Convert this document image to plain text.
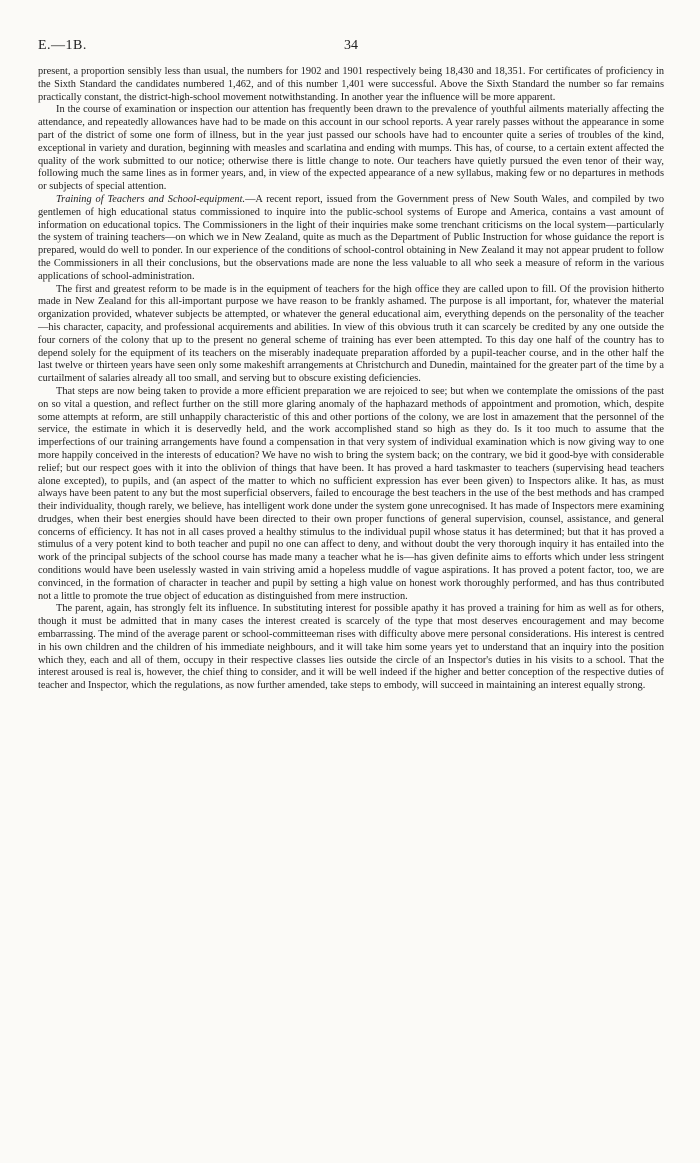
E.—1B.	34

present, a proportion sensibly less than usual, the numbers for 1902 and 1901 respectively being 18,430 and 18,351. For certificates of proficiency in the Sixth Standard the candidates numbered 1,462, and of this number 1,401 were successful. Above the Sixth Standard the number so far remains practically constant, the district-high-school movement notwithstanding. In another year the influence will be more apparent.

In the course of examination or inspection our attention has frequently been drawn to the prevalence of youthful ailments materially affecting the attendance, and repeatedly allowances have had to be made on this account in our school reports. A year rarely passes without the appearance in some part of the district of some one form of illness, but in the year just passed our schools have had to encounter quite a series of troubles of the kind, exceptional in variety and duration, beginning with measles and scarlatina and ending with mumps. This has, of course, to a certain extent affected the quality of the work submitted to our notice; otherwise there is little change to note. Our teachers have quietly pursued the even tenor of their way, following much the same lines as in former years, and, in view of the expected appearance of a new syllabus, making few or no departures in methods or subjects of special attention.

Training of Teachers and School-equipment.—A recent report, issued from the Government press of New South Wales, and compiled by two gentlemen of high educational status commissioned to inquire into the public-school systems of Europe and America, contains a vast amount of information on educational topics. The Commissioners in the light of their inquiries make some trenchant criticisms on the local system—particularly the system of training teachers—on which we in New Zealand, quite as much as the Department of Public Instruction for whose guidance the report is prepared, would do well to ponder. In our experience of the conditions of school-control obtaining in New Zealand it may not appear prudent to follow the Commissioners in all their conclusions, but the observations made are none the less valuable to all who seek a measure of reform in the various applications of school-administration.

The first and greatest reform to be made is in the equipment of teachers for the high office they are called upon to fill. Of the provision hitherto made in New Zealand for this all-important purpose we have reason to be frankly ashamed. The purpose is all important, for, whatever the material organization provided, whatever subjects be attempted, or whatever the general educational aim, everything depends on the personality of the teacher—his character, capacity, and professional acquirements and abilities. In view of this obvious truth it can scarcely be credited by any one outside the four corners of the colony that up to the present no general scheme of training has ever been attempted. To this day one half of the country has to depend solely for the equipment of its teachers on the miserably inadequate preparation afforded by a pupil-teacher course, and in the other half the last twelve or thirteen years have seen only some makeshift arrangements at Christchurch and Dunedin, maintained for the greater part of the time by a curtailment of salaries already all too small, and serving but to obscure existing deficiencies.

That steps are now being taken to provide a more efficient preparation we are rejoiced to see; but when we contemplate the omissions of the past on so vital a question, and reflect further on the still more glaring anomaly of the haphazard methods of appointment and promotion, which, despite some attempts at reform, are still unhappily characteristic of this and other portions of the colony, we are lost in amazement that the personnel of the service, the estimate in which it is deservedly held, and the work accomplished stand so high as they do. Is it too much to assume that the imperfections of our training arrangements have found a compensation in that very system of individual examination which is now giving way to one more happily conceived in the interests of education? We have no wish to bring the system back; on the contrary, we bid it good-bye with considerable relief; but our respect goes with it into the oblivion of things that have been. It has proved a hard taskmaster to teachers (supervising head teachers alone excepted), to pupils, and (an aspect of the matter to which no sufficient expression has ever been given) to Inspectors alike. It has, as must always have been patent to any but the most superficial observers, failed to encourage the best teachers in the use of the best methods and has cramped their individuality, though rarely, we believe, has intelligent work done under the system gone unrecognised. It has made of Inspectors mere examining drudges, when their best energies should have been directed to their own proper functions of general supervision, counsel, assistance, and general concerns of efficiency. It has not in all cases proved a healthy stimulus to the individual pupil whose status it has determined; but that it has proved a stimulus of a very potent kind to both teacher and pupil no one can affect to deny, and without doubt the very thorough inquiry it has entailed into the work of the principal subjects of the school course has made many a teacher what he is—has given definite aims to efforts which under less stringent conditions would have been uselessly wasted in vain striving amid a hopeless muddle of vague aspirations. It has proved a potent factor, too, we are convinced, in the formation of character in teacher and pupil by setting a high value on honest work thoroughly performed, and has thus contributed not a little to promote the true object of education as distinguished from mere instruction.

The parent, again, has strongly felt its influence. In substituting interest for possible apathy it has proved a training for him as well as for others, though it must be admitted that in many cases the interest created is scarcely of the type that most deserves encouragement and may become embarrassing. The mind of the average parent or school-committeeman rises with difficulty above mere personal considerations. His interest is centred in his own children and the children of his immediate neighbours, and it will take him some years yet to understand that an inquiry into the position which they, each and all of them, occupy in their respective classes lies outside the circle of an Inspector's duties in his visits to a school. That the interest aroused is real is, however, the chief thing to consider, and it will be well indeed if the higher and better conception of the respective duties of teacher and Inspector, which the regulations, as now further amended, take steps to embody, will succeed in maintaining an interest equally strong.
